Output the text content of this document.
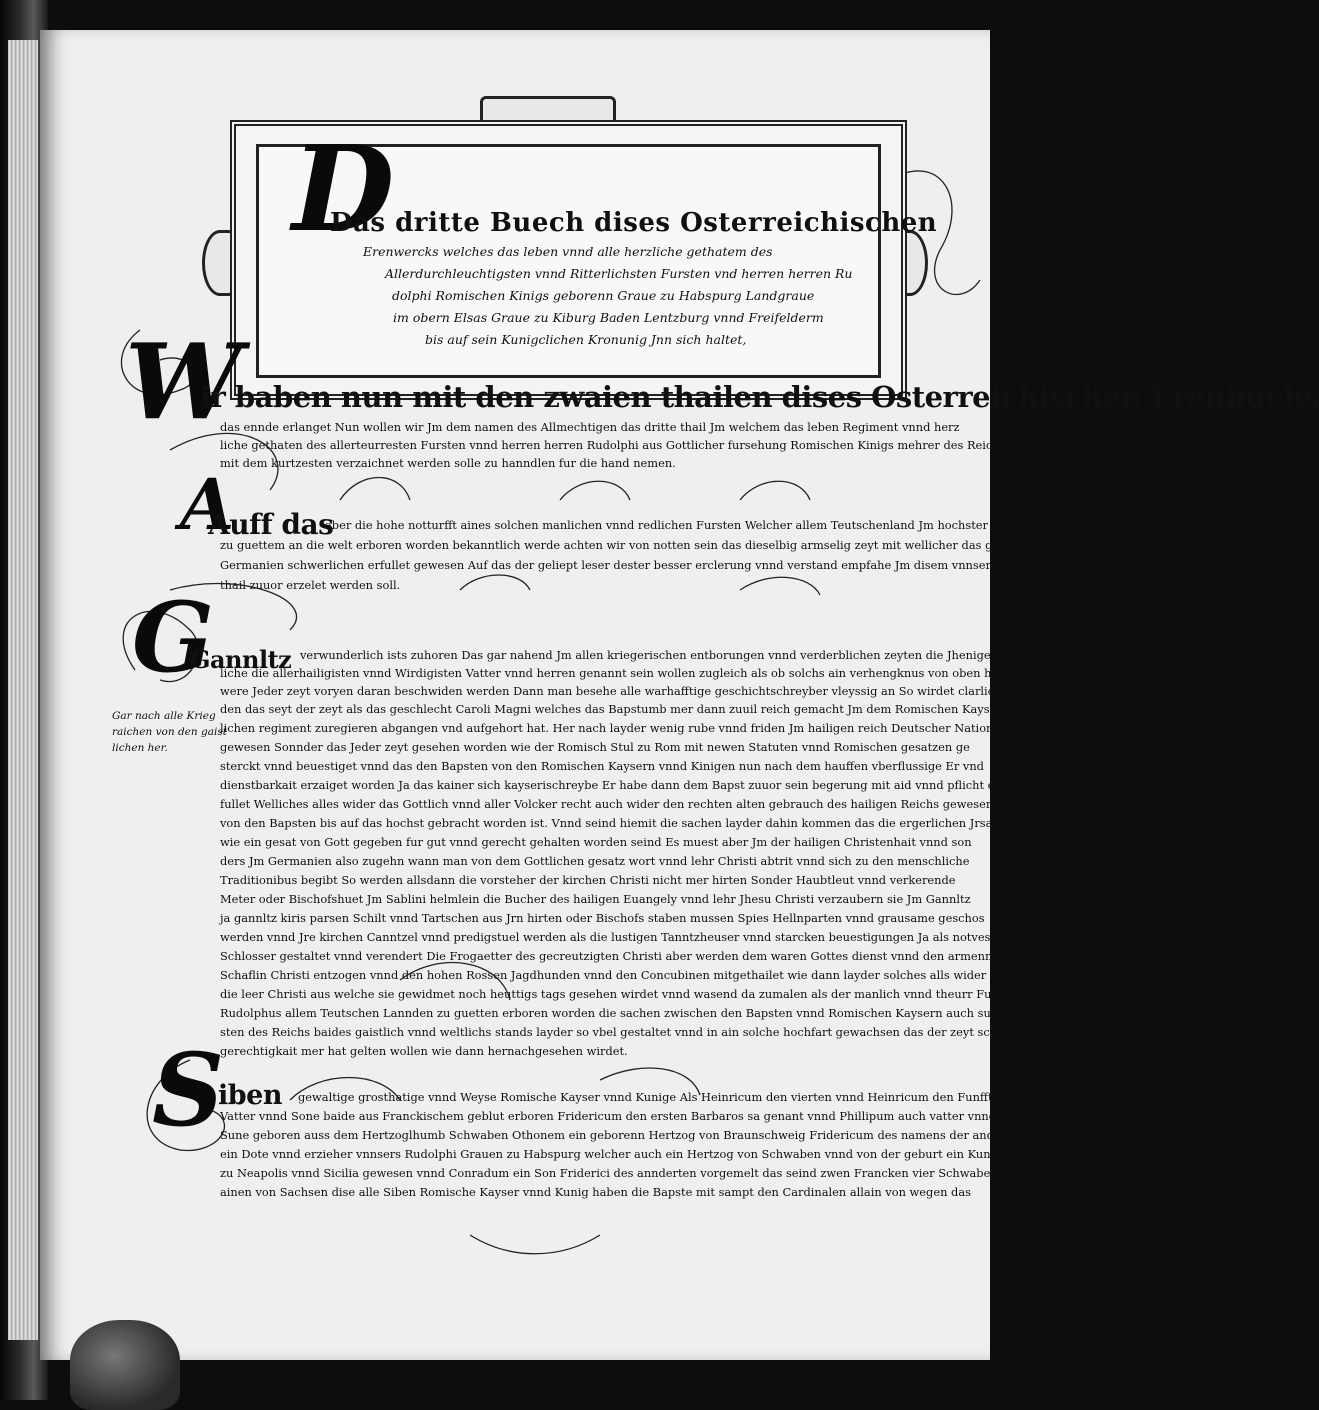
D
Das drittе Buech dises Osterreichischen
Erenwercks welches das leben vnnd alle herzliche gethatem des
Allerdurchleuchtigsten vnnd Ritterlichsten Fursten vnd herren herren Ru
dolphi Romischen Kinigs geborenn Graue zu Habspurg Landgraue
im obern Elsas Graue zu Kiburg Baden Lentzburg vnnd Freifelderm
bis auf sein Kunigclichen Kronunig Jnn sich haltet,
W
ir baben nun mit den zwaien thailen dises Osterreichischen Erenbuchs
das ennde erlanget Nun wollen wir Jm dem namen des Allmechtigen das dritte thail Jm welchem das leben Regiment vnnd herz
liche gethaten des allerteurresten Fursten vnnd herren herren Rudolphi aus Gottlicher fursehung Romischen Kinigs mehrer des Reichs ec
mit dem kurtzesten verzaichnet werden solle zu hanndlen fur die hand nemen.
A
Auff das
aber die hohe notturfft aines solchen manlichen vnnd redlichen Fursten Welcher allem Teutschenland Jm hochster not
zu guettem an die welt erboren worden bekanntlich werde achten wir von notten sein das dieselbig armselig zeyt mit wellicher das gannltz
Germanien schwerlichen erfullet gewesen Auf das der geliept leser dester besser erclerung vnnd verstand empfahe Jm disem vnnserm dritten
thail zuuor erzelet werden soll.
G
Gannltz verwunderlich ists zuhoren Das gar nahend Jm allen kriegerischen entborungen vnnd verderblichen zeyten die Jhenigen wel
liche die allerhailigisten vnnd Wirdigisten Vatter vnnd herren genannt sein wollen zugleich als ob solchs ain verhengknus von oben herab
were Jeder zeyt voryen daran beschwiden werden Dann man besehe alle warhafftige geschichtschreyber vleyssig an So wirdet clarlich befun
den das seyt der zeyt als das geschlecht Caroli Magni welches das Bapstumb mer dann zuuil reich gemacht Jm dem Romischen Kayser
lichen regiment zuregieren abgangen vnd aufgehort hat. Her nach layder wenig rube vnnd friden Jm hailigen reich Deutscher Nation
gewesen Sonnder das Jeder zeyt gesehen worden wie der Romisch Stul zu Rom mit newen Statuten vnnd Romischen gesatzen ge
sterckt vnnd beuestiget vnnd das den Bapsten von den Romischen Kaysern vnnd Kinigen nun nach dem hauffen vberflussige Er vnd
dienstbarkait erzaiget worden Ja das kainer sich kayserischreybe Er habe dann dem Bapst zuuor sein begerung mit aid vnnd pflicht er
fullet Welliches alles wider das Gottlich vnnd aller Volcker recht auch wider den rechten alten gebrauch des hailigen Reichs gewesen
von den Bapsten bis auf das hochst gebracht worden ist. Vnnd seind hiemit die sachen layder dahin kommen das die ergerlichen Jrsal
wie ein gesat von Gott gegeben fur gut vnnd gerecht gehalten worden seind Es muest aber Jm der hailigen Christenhait vnnd son
ders Jm Germanien also zugehn wann man von dem Gottlichen gesatz wort vnnd lehr Christi abtrit vnnd sich zu den menschliche
Traditionibus begibt So werden allsdann die vorsteher der kirchen Christi nicht mer hirten Sonder Haubtleut vnnd verkerende
Meter oder Bischofshuet Jm Sablini helmlein die Bucher des hailigen Euangely vnnd lehr Jhesu Christi verzaubern sie Jm Gannltz
ja gannltz kiris parsen Schilt vnnd Tartschen aus Jrn hirten oder Bischofs staben mussen Spies Hellnparten vnnd grausame geschos
werden vnnd Jre kirchen Canntzel vnnd predigstuel werden als die lustigen Tanntzheuser vnnd starcken beuestigungen Ja als notveste
Schlosser gestaltet vnnd verendert Die Frogaetter des gecreutzigten Christi aber werden dem waren Gottes dienst vnnd den armenn
Schaflin Christi entzogen vnnd den hohen Rossen Jagdhunden vnnd den Concubinen mitgethailet wie dann layder solches alls wider
die leer Christi aus welche sie gewidmet noch heuttigs tags gesehen wirdet vnnd wasend da zumalen als der manlich vnnd theurr Furst
Rudolphus allem Teutschen Lannden zu guetten erboren worden die sachen zwischen den Bapsten vnnd Romischen Kaysern auch su
sten des Reichs baides gaistlich vnnd weltlichs stands layder so vbel gestaltet vnnd in ain solche hochfart gewachsen das der zeyt schier kain
gerechtigkait mer hat gelten wollen wie dann hernachgesehen wirdet.
Gar nach alle Krieg
raichen von den gaist
lichen her.
S
iben gewaltige grosthatige vnnd Weyse Romische Kayser vnnd Kunige Als Heinricum den vierten vnnd Heinricum den Funfften den
Vatter vnnd Sone baide aus Franckischem geblut erboren Fridericum den ersten Barbaros sa genant vnnd Phillipum auch vatter vnnd
Sune geboren auss dem Hertzoglhumb Schwaben Othonem ein geborenn Hertzog von Braunschweig Fridericum des namens der ander
ein Dote vnnd erzieher vnnsers Rudolphi Grauen zu Habspurg welcher auch ein Hertzog von Schwaben vnnd von der geburt ein Kunig
zu Neapolis vnnd Sicilia gewesen vnnd Conradum ein Son Friderici des annderten vorgemelt das seind zwen Francken vier Schwaben vnd
ainen von Sachsen dise alle Siben Romische Kayser vnnd Kunig haben die Bapste mit sampt den Cardinalen allain von wegen das
